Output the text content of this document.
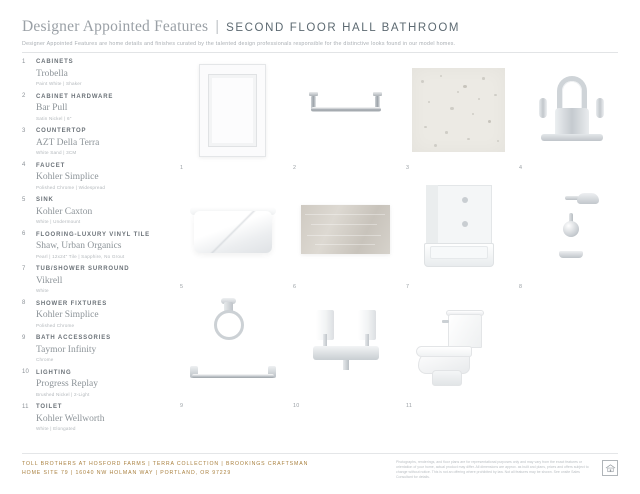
Designer Appointed Features | SECOND FLOOR HALL BATHROOM
Designer Appointed Features are home details and finishes curated by the talented design professionals responsible for the distinctive looks found in our model homes.
1 CABINETS
Trobella
Paint White | Shaker
2 CABINET HARDWARE
Bar Pull
Satin Nickel | 6"
3 COUNTERTOP
AZT Della Terra
White Sand | 3CM
4 FAUCET
Kohler Simplice
Polished Chrome | Widespread
5 SINK
Kohler Caxton
White | Undermount
6 FLOORING-LUXURY VINYL TILE
Shaw, Urban Organics
Pearl | 12x24" Tile | Sapphire, No Grout
7 TUB/SHOWER SURROUND
Vikrell
White
8 SHOWER FIXTURES
Kohler Simplice
Polished Chrome
9 BATH ACCESSORIES
Taymor Infinity
Chrome
10 LIGHTING
Progress Replay
Brushed Nickel | 2-Light
11 TOILET
Kohler Wellworth
White | Elongated
1	2	3	4
5	6	7	8
9	10	11
TOLL BROTHERS AT HOSFORD FARMS | TERRA COLLECTION | BROOKINGS CRAFTSMAN
HOME SITE 79 | 16040 NW HOLMAN WAY | PORTLAND, OR 97229
Photographs, renderings, and floor plans are for representational purposes only and may vary from the exact features or orientation of your home, actual product may differ. All dimensions are approx. as built and plans, prices and offers subject to change without notice. This is not an offering where prohibited by law. Not all features may be shown. See onsite Sales Consultant for details.
